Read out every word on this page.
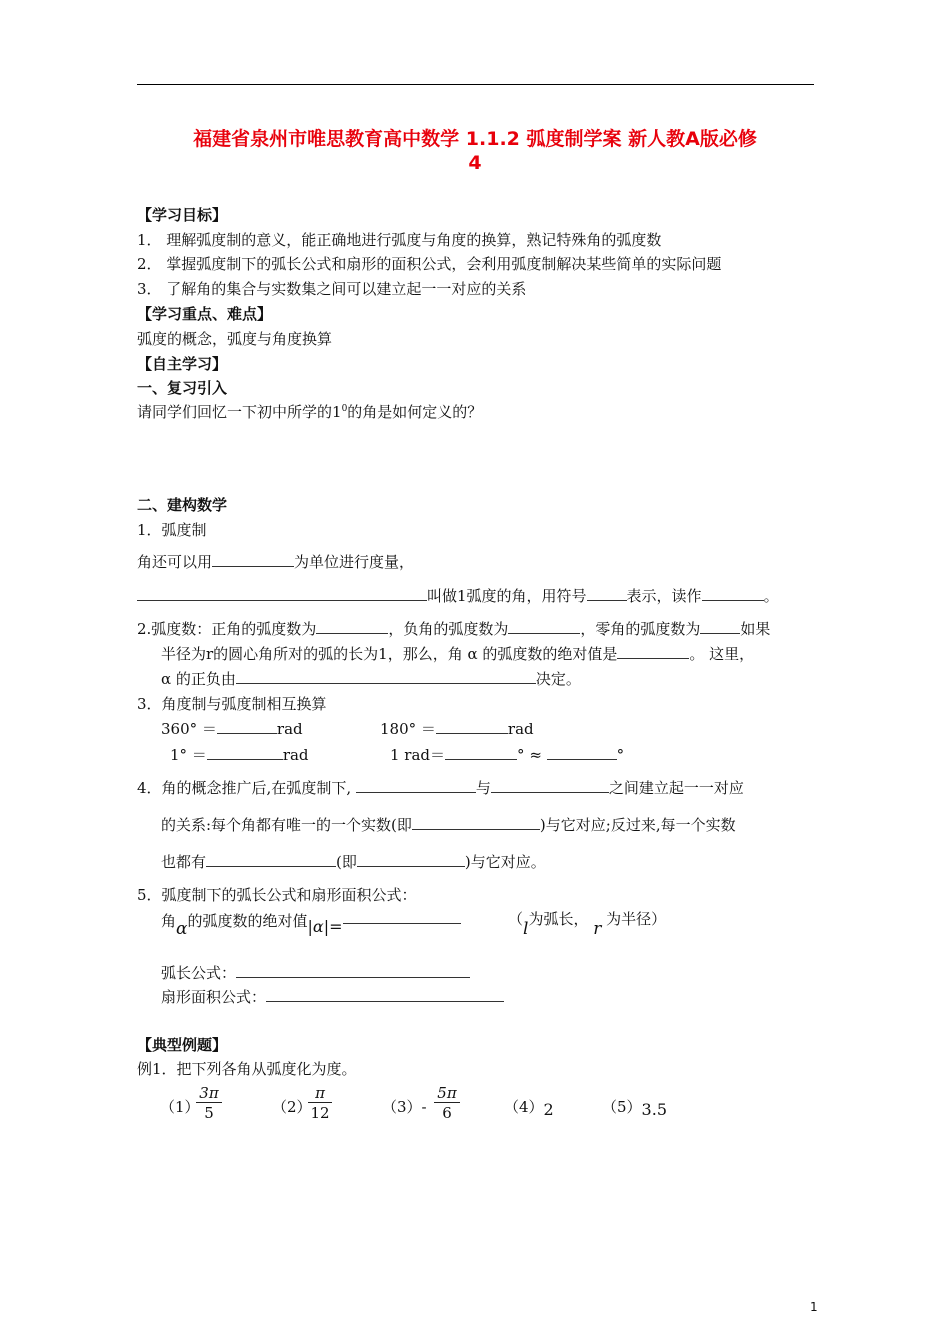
福建省泉州市唯思教育高中数学 1.1.2 弧度制学案 新人教A版必修
4
【学习目标】
1． 理解弧度制的意义，能正确地进行弧度与角度的换算，熟记特殊角的弧度数
2． 掌握弧度制下的弧长公式和扇形的面积公式，会利用弧度制解决某些简单的实际问题
3． 了解角的集合与实数集之间可以建立起一一对应的关系
【学习重点、难点】
弧度的概念，弧度与角度换算
【自主学习】
一、复习引入
请同学们回忆一下初中所学的$1^0$的角是如何定义的？
二、建构数学
1．弧度制
角还可以用	为单位进行度量，
叫做1弧度的角，用符号	表示，读作	。
2.弧度数：正角的弧度数为	，负角的弧度数为	，零角的弧度数为	如果
半径为r的圆心角所对的弧的长为1，那么，角 α 的弧度数的绝对值是	。 这里，
α 的正负由	决定。
3．角度制与弧度制相互换算
360° ＝	rad	180° ＝	rad
1° ＝	rad	1 rad＝	° ≈	°
4．角的概念推广后,在弧度制下,	与	之间建立起一一对应
的关系:每个角都有唯一的一个实数(即	)与它对应;反过来,每一个实数
也都有	(即	)与它对应。
5．弧度制下的弧长公式和扇形面积公式：
角α的弧度数的绝对值|α|=	（l为弧长， r 为半径）
弧长公式：
扇形面积公式：
【典型例题】
例1．把下列各角从弧度化为度。
（1）
$\frac{3\pi}{5}$	（2）
$\frac{\pi}{12}$	$(3)- \frac{5\pi}{6}$	（4）2	（5）3.5
1
